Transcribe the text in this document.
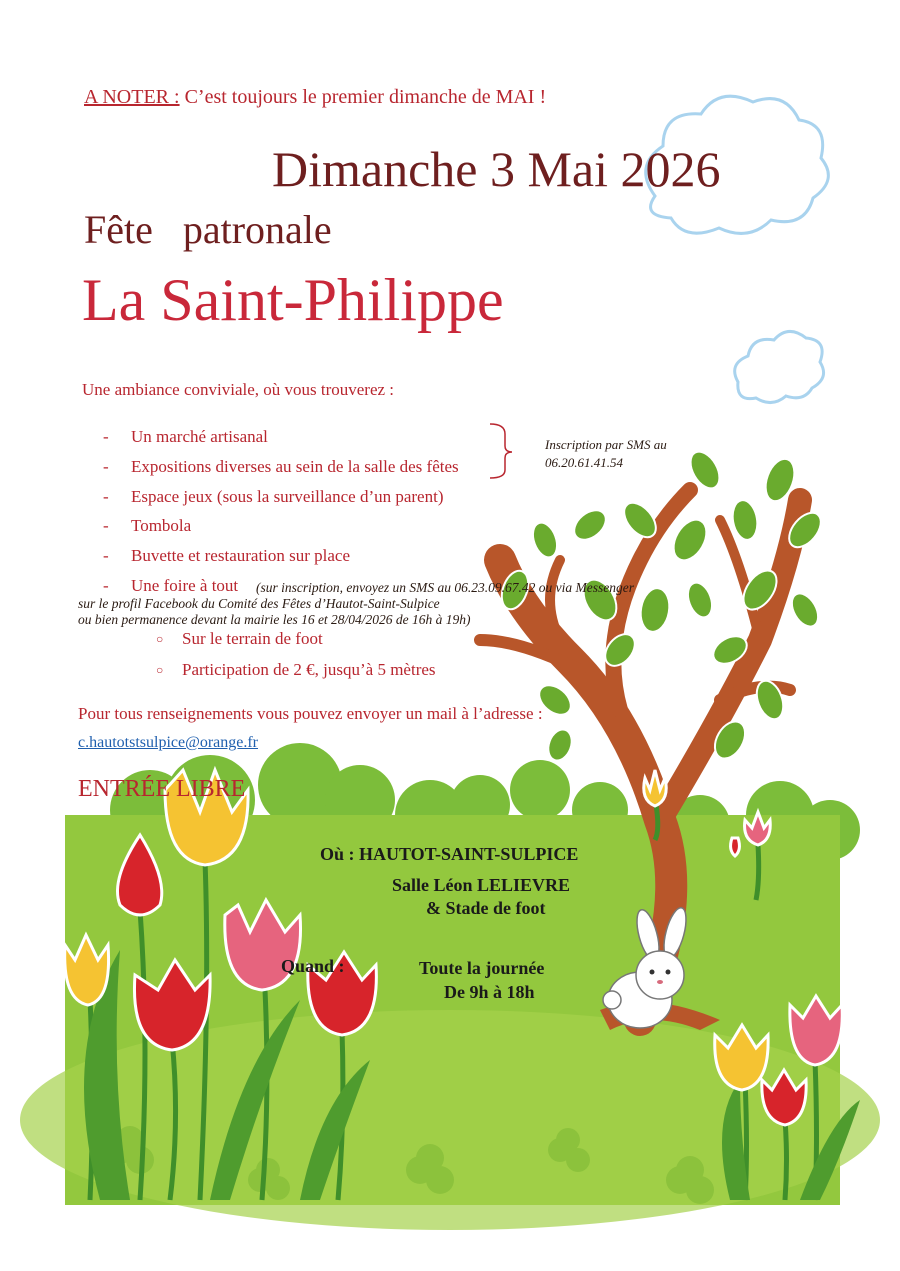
A NOTER : C’est toujours le premier dimanche de MAI !
Dimanche 3 Mai 2026
Fête   patronale
La Saint-Philippe
Une ambiance conviviale, où vous trouverez :
- Un marché artisanal
- Expositions diverses au sein de la salle des fêtes
- Espace jeux (sous la surveillance d’un parent)
- Tombola
- Buvette et restauration sur place
Inscription par SMS au
06.20.61.41.54
- Une foire à tout (sur inscription, envoyez un SMS au 06.23.09.67.42 ou via Messenger
sur le profil Facebook du Comité des Fêtes d’Hautot-Saint-Sulpice
ou bien permanence devant la mairie les 16 et 28/04/2026 de 16h à 19h)
○ Sur le terrain de foot
○ Participation de 2 €, jusqu’à 5 mètres
Pour tous renseignements vous pouvez envoyer un mail à l’adresse :
c.hautotstsulpice@orange.fr
ENTRÉE LIBRE
Où : HAUTOT-SAINT-SULPICE
Salle Léon LELIEVRE
& Stade de foot
Quand :	Toute la journée
De 9h à 18h
